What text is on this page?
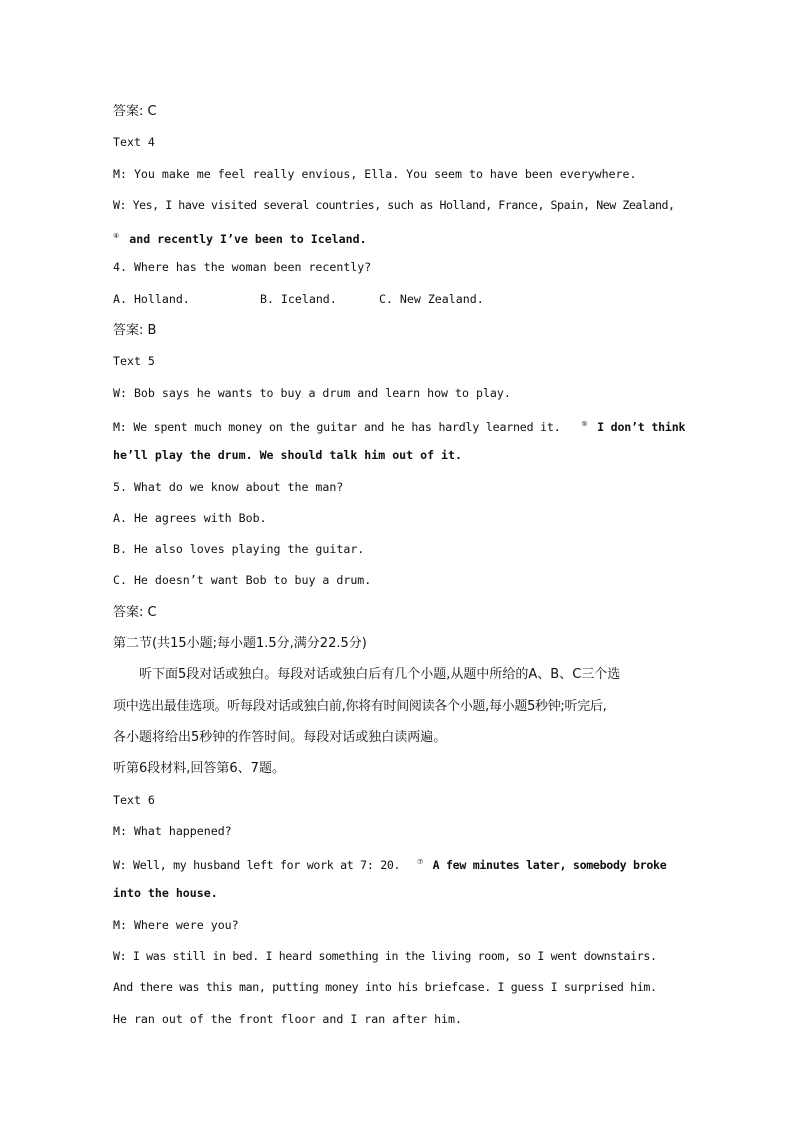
答案: C
Text 4
M: You make me feel really envious, Ella. You seem to have been everywhere.
W: Yes, I have visited several countries, such as Holland, France, Spain, New Zealand,
④ and recently I’ve been to Iceland.
4. Where has the woman been recently?
A. Holland.	B. Iceland.	C. New Zealand.
答案: B
Text 5
W: Bob says he wants to buy a drum and learn how to play.
M: We spent much money on the guitar and he has hardly learned it.	⑤ I don’t think
he’ll play the drum. We should talk him out of it.
5. What do we know about the man?
A. He agrees with Bob.
B. He also loves playing the guitar.
C. He doesn’t want Bob to buy a drum.
答案: C
第二节(共15小题;每小题1.5分,满分22.5分)
听下面5段对话或独白。每段对话或独白后有几个小题,从题中所给的A、B、C三个选
项中选出最佳选项。听每段对话或独白前,你将有时间阅读各个小题,每小题5秒钟;听完后,
各小题将给出5秒钟的作答时间。每段对话或独白读两遍。
听第6段材料,回答第6、7题。
Text 6
M: What happened?
W: Well, my husband left for work at 7: 20. ⑦ A few minutes later, somebody broke
into the house.
M: Where were you?
W: I was still in bed. I heard something in the living room, so I went downstairs.
And there was this man, putting money into his briefcase. I guess I surprised him.
He ran out of the front floor and I ran after him.
